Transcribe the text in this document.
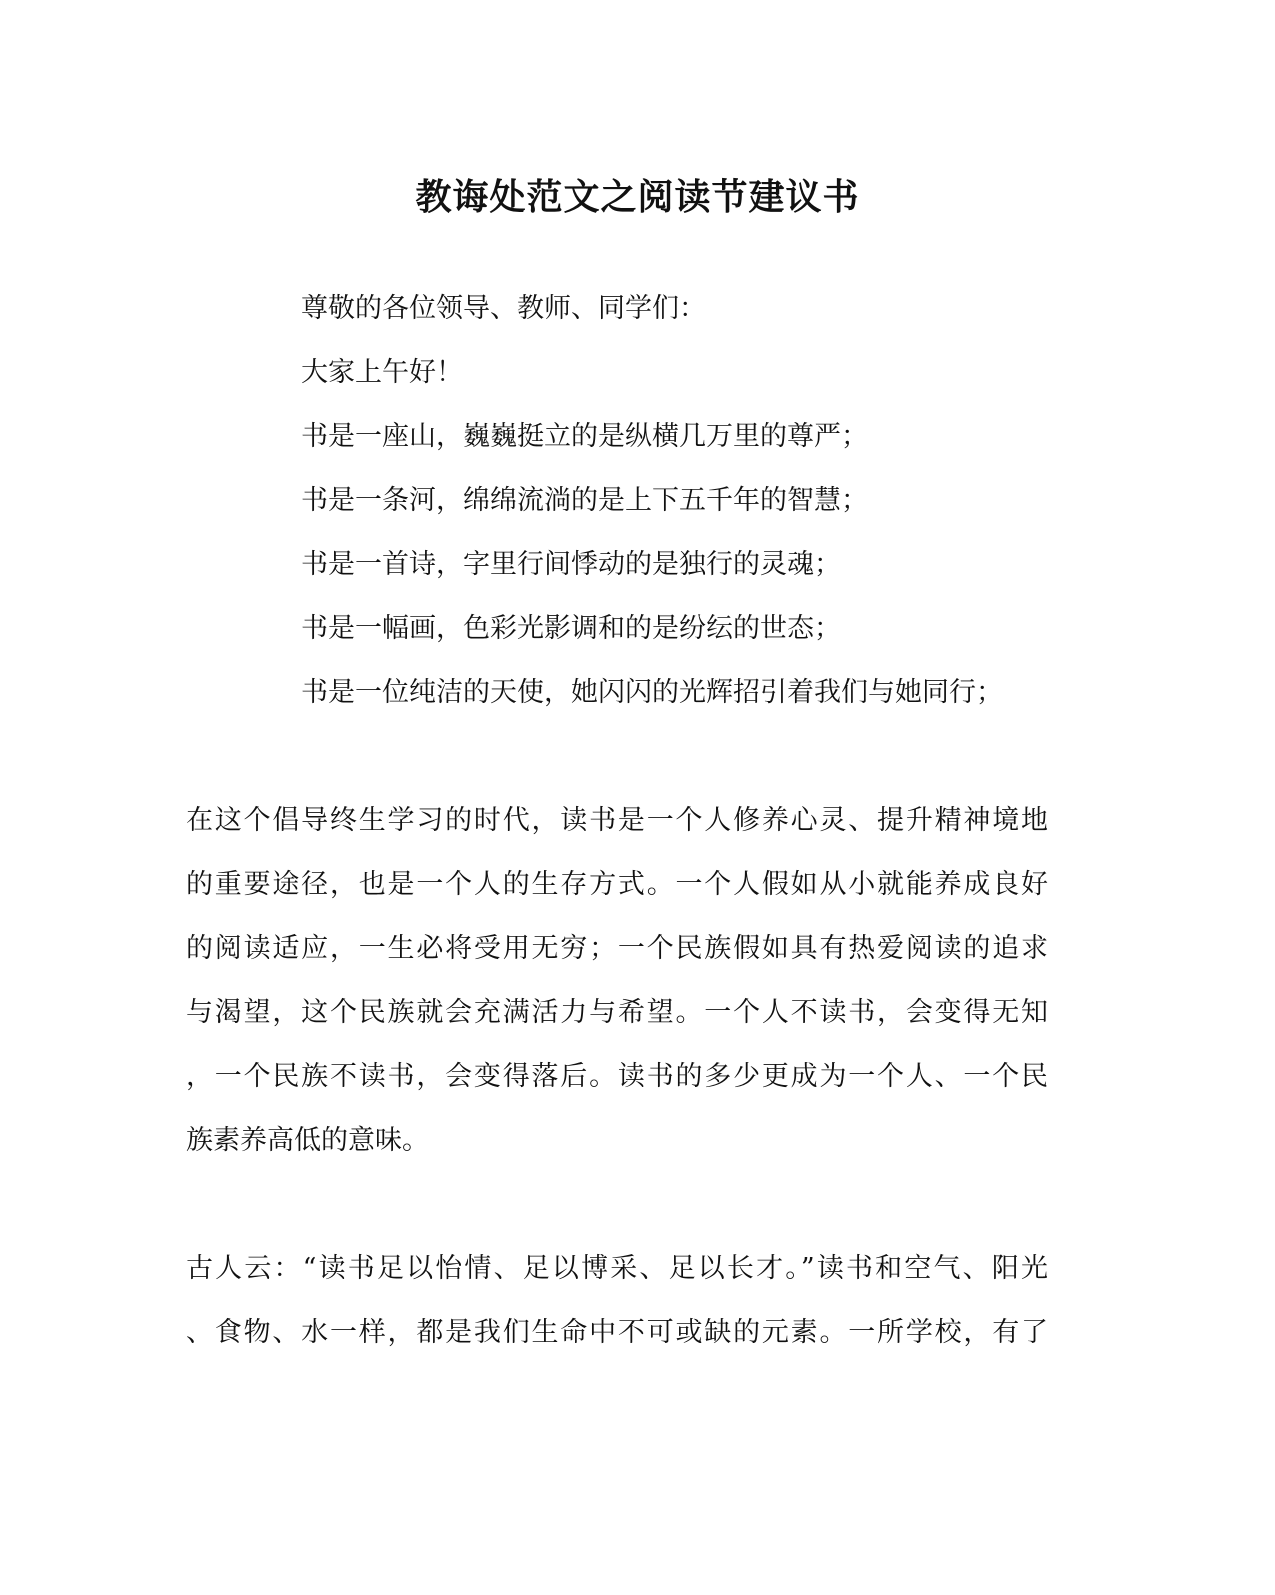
教诲处范文之阅读节建议书
尊敬的各位领导、教师、同学们：
大家上午好！
书是一座山，巍巍挺立的是纵横几万里的尊严；
书是一条河，绵绵流淌的是上下五千年的智慧；
书是一首诗，字里行间悸动的是独行的灵魂；
书是一幅画，色彩光影调和的是纷纭的世态；
书是一位纯洁的天使，她闪闪的光辉招引着我们与她同行；
在这个倡导终生学习的时代，读书是一个人修养心灵、提升精神境地
的重要途径，也是一个人的生存方式。一个人假如从小就能养成良好
的阅读适应，一生必将受用无穷；一个民族假如具有热爱阅读的追求
与渴望，这个民族就会充满活力与希望。一个人不读书，会变得无知
，一个民族不读书，会变得落后。读书的多少更成为一个人、一个民
族素养高低的意味。
古人云：“读书足以怡情、足以博采、足以长才。”读书和空气、阳光
、食物、水一样，都是我们生命中不可或缺的元素。一所学校，有了
